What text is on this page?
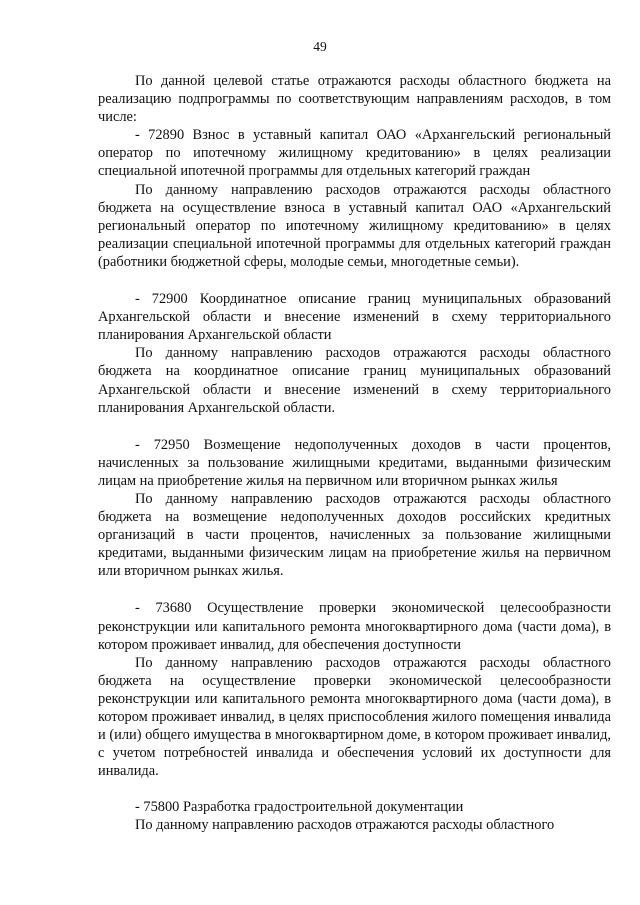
49

По данной целевой статье отражаются расходы областного бюджета на реализацию подпрограммы по соответствующим направлениям расходов, в том числе:

- 72890 Взнос в уставный капитал ОАО «Архангельский региональный оператор по ипотечному жилищному кредитованию» в целях реализации специальной ипотечной программы для отдельных категорий граждан

По данному направлению расходов отражаются расходы областного бюджета на осуществление взноса в уставный капитал ОАО «Архангельский региональный оператор по ипотечному жилищному кредитованию» в целях реализации специальной ипотечной программы для отдельных категорий граждан (работники бюджетной сферы, молодые семьи, многодетные семьи).

- 72900 Координатное описание границ муниципальных образований Архангельской области и внесение изменений в схему территориального планирования Архангельской области

По данному направлению расходов отражаются расходы областного бюджета на координатное описание границ муниципальных образований Архангельской области и внесение изменений в схему территориального планирования Архангельской области.

- 72950 Возмещение недополученных доходов в части процентов, начисленных за пользование жилищными кредитами, выданными физическим лицам на приобретение жилья на первичном или вторичном рынках жилья

По данному направлению расходов отражаются расходы областного бюджета на возмещение недополученных доходов российских кредитных организаций в части процентов, начисленных за пользование жилищными кредитами, выданными физическим лицам на приобретение жилья на первичном или вторичном рынках жилья.

- 73680 Осуществление проверки экономической целесообразности реконструкции или капитального ремонта многоквартирного дома (части дома), в котором проживает инвалид, для обеспечения доступности

По данному направлению расходов отражаются расходы областного бюджета на осуществление проверки экономической целесообразности реконструкции или капитального ремонта многоквартирного дома (части дома), в котором проживает инвалид, в целях приспособления жилого помещения инвалида и (или) общего имущества в многоквартирном доме, в котором проживает инвалид, с учетом потребностей инвалида и обеспечения условий их доступности для инвалида.

- 75800 Разработка градостроительной документации

По данному направлению расходов отражаются расходы областного
